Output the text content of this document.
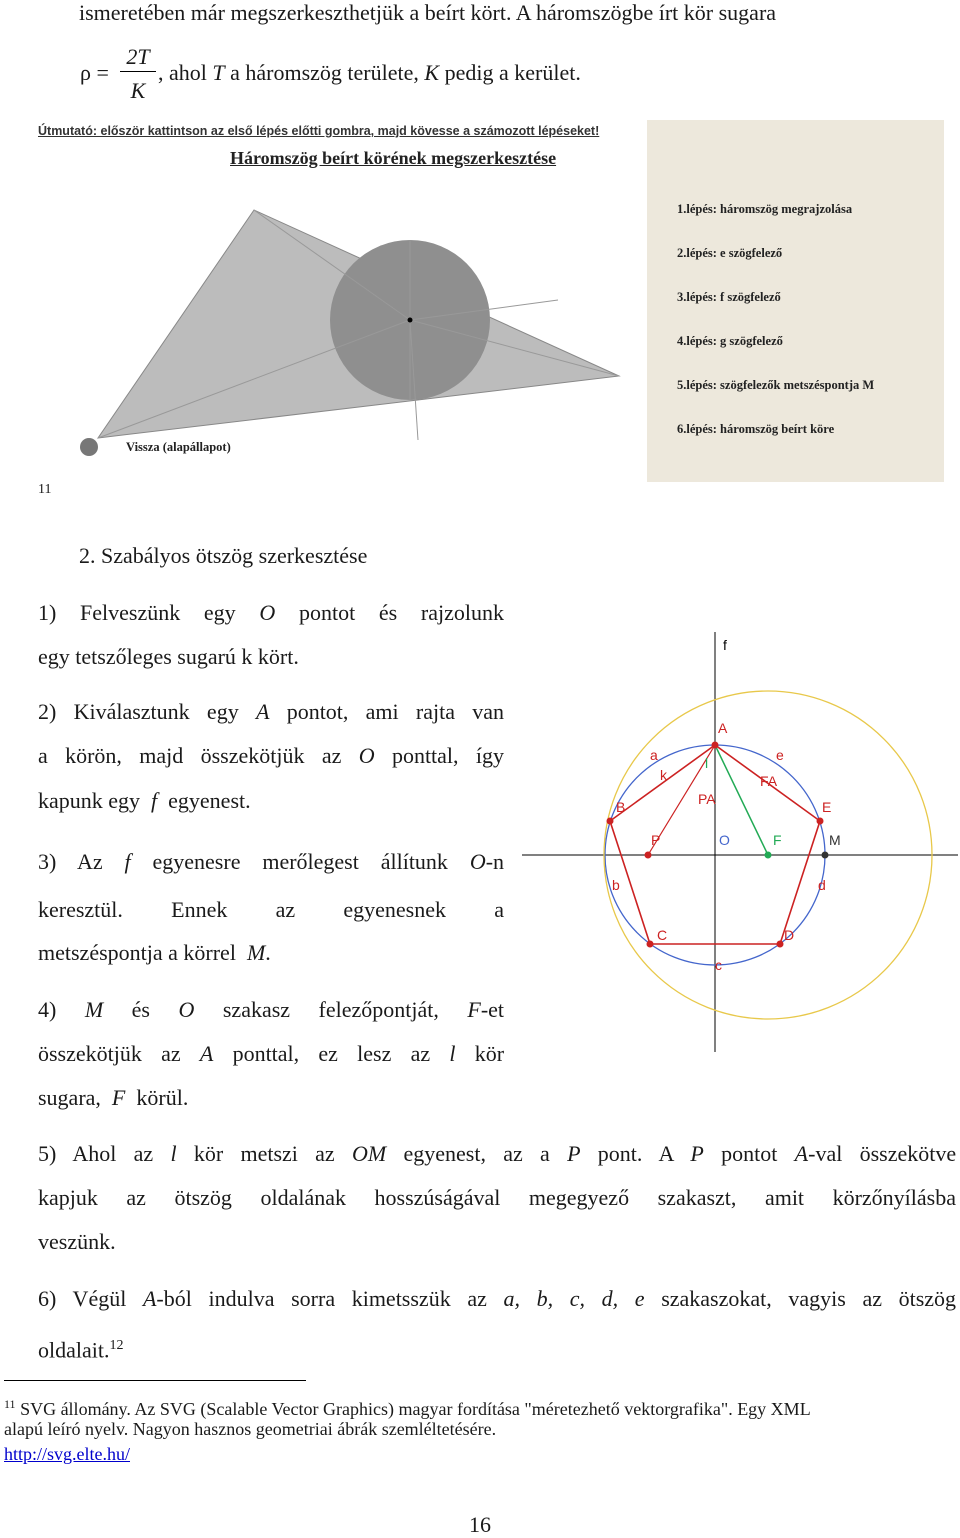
ismeretében már megszerkeszthetjük a beírt kört. A háromszögbe írt kör sugara
ρ =
2T
K
, ahol T a háromszög területe, K pedig a kerület.
Útmutató: először kattintson az első lépés előtti gombra, majd kövesse a számozott lépéseket!
Háromszög beírt körének megszerkesztése
1.lépés: háromszög megrajzolása
2.lépés: e szögfelező
3.lépés: f szögfelező
4.lépés: g szögfelező
5.lépés: szögfelezők metszéspontja M
6.lépés: háromszög beírt köre
Vissza (alapállapot)
11
2. Szabályos ötszög szerkesztése
1) Felveszünk egy O pontot és rajzolunk
egy tetszőleges sugarú k kört.
2) Kiválasztunk egy A pontot, ami rajta van
a körön, majd összekötjük az O ponttal, így
kapunk egy f egyenest.
3) Az f egyenesre merőlegest állítunk O-n
keresztül. Ennek az egyenesnek a
metszéspontja a körrel M.
4) M és O szakasz felezőpontját, F-et
összekötjük az A ponttal, ez lesz az l kör
sugara, F körül.
5) Ahol az l kör metszi az OM egyenest, az a P pont. A P pontot A-val összekötve
kapjuk az ötszög oldalának hosszúságával megegyező szakaszt, amit körzőnyílásba
veszünk.
6) Végül A-ból indulva sorra kimetsszük az a, b, c, d, e szakaszokat, vagyis az ötszög
oldalait.$^{12}$
f
A
a
k
l	e
FA
PA
B	E
P	O	F	M
b	d
C	D
c
$^{11}$ SVG állomány. Az SVG (Scalable Vector Graphics) magyar fordítása "méretezhető vektorgrafika". Egy XML
alapú leíró nyelv. Nagyon hasznos geometriai ábrák szemléltetésére.
http://svg.elte.hu/
16
